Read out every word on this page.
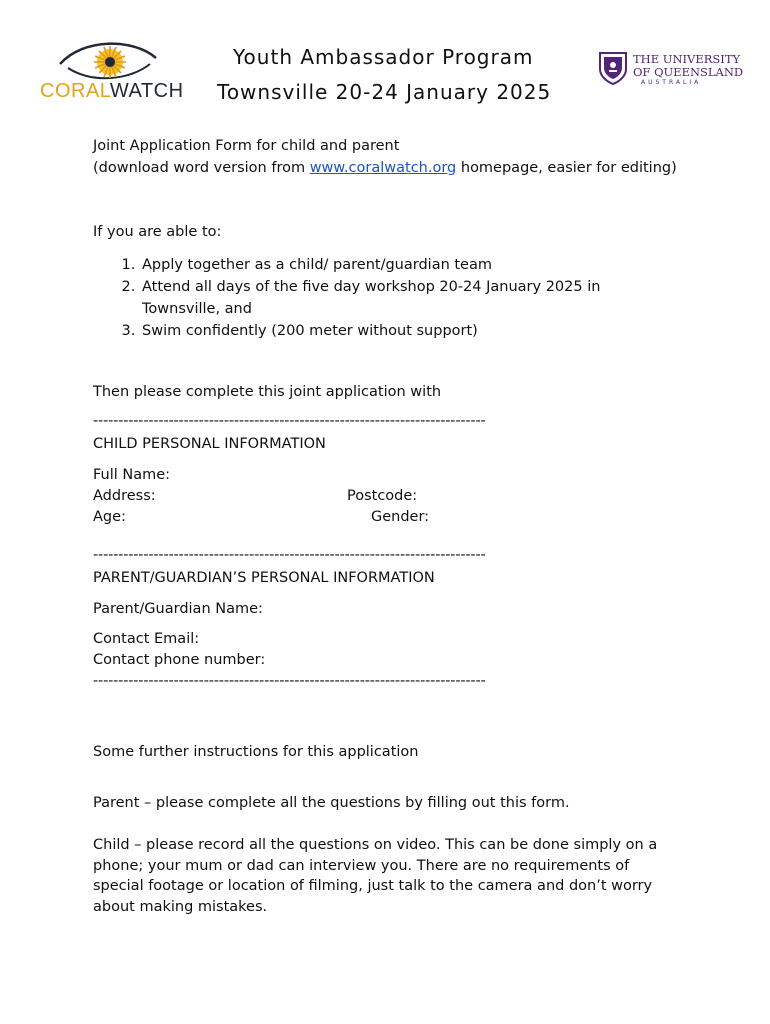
CORALWATCH
Youth Ambassador Program
Townsville 20-24 January 2025
THE UNIVERSITY
OF QUEENSLAND
AUSTRALIA
Joint Application Form for child and parent
(download word version from www.coralwatch.org homepage, easier for editing)
If you are able to:
1. Apply together as a child/ parent/guardian team
2. Attend all days of the five day workshop 20-24 January 2025 in Townsville, and
3. Swim confidently (200 meter without support)
Then please complete this joint application with
------------------------------------------------------------------------------
CHILD PERSONAL INFORMATION
Full Name:
Address:	Postcode:
Age:	Gender:
------------------------------------------------------------------------------
PARENT/GUARDIAN’S PERSONAL INFORMATION
Parent/Guardian Name:
Contact Email:
Contact phone number:
------------------------------------------------------------------------------
Some further instructions for this application
Parent – please complete all the questions by filling out this form.
Child – please record all the questions on video. This can be done simply on a phone; your mum or dad can interview you. There are no requirements of special footage or location of filming, just talk to the camera and don’t worry about making mistakes.
